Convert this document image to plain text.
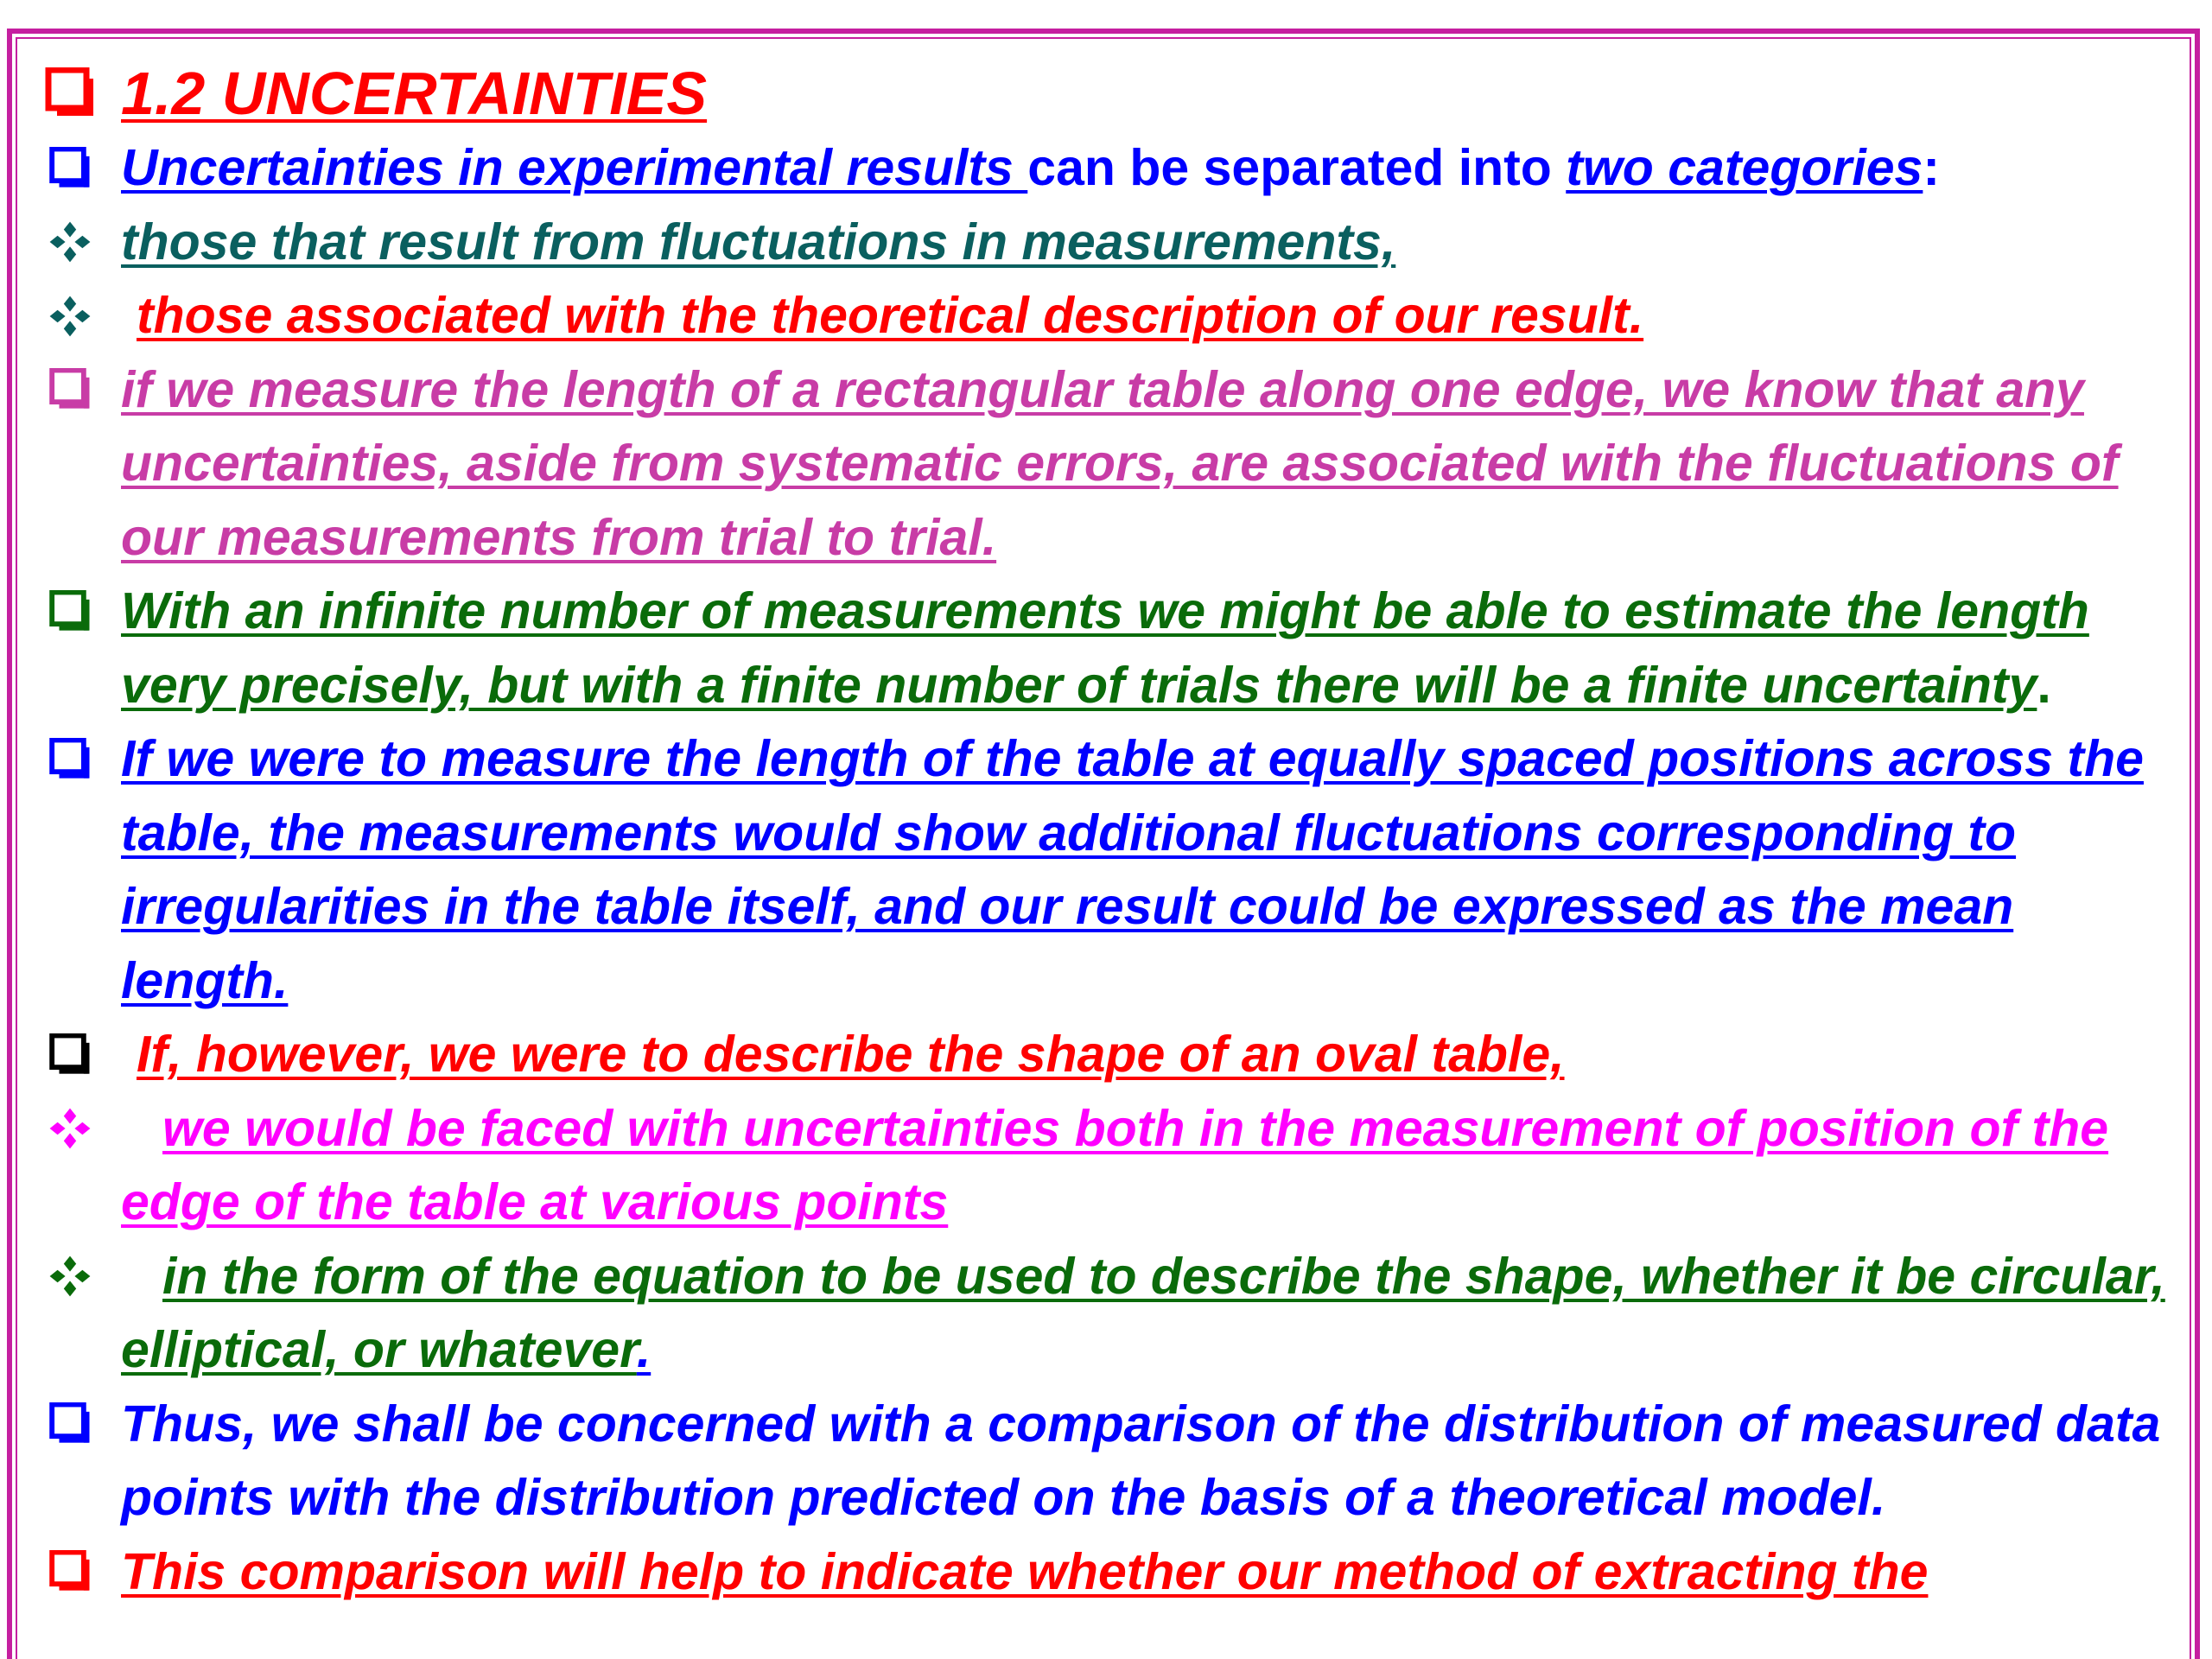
1.2 UNCERTAINTIES
Uncertainties in experimental results can be separated into two categories:
those that result from fluctuations in measurements,
those associated with the theoretical description of our result.
if we measure the length of a rectangular table along one edge, we know that any uncertainties, aside from systematic errors, are associated with the fluctuations of our measurements from trial to trial.
With an infinite number of measurements we might be able to estimate the length very precisely, but with a finite number of trials there will be a finite uncertainty.
If we were to measure the length of the table at equally spaced positions across the table, the measurements would show additional fluctuations corresponding to irregularities in the table itself, and our result could be expressed as the mean length.
If, however, we were to describe the shape of an oval table,
we would be faced with uncertainties both in the measurement of position of the edge of the table at various points
in the form of the equation to be used to describe the shape, whether it be circular, elliptical, or whatever.
Thus, we shall be concerned with a comparison of the distribution of measured data points with the distribution predicted on the basis of a theoretical model.
This comparison will help to indicate whether our method of extracting the
